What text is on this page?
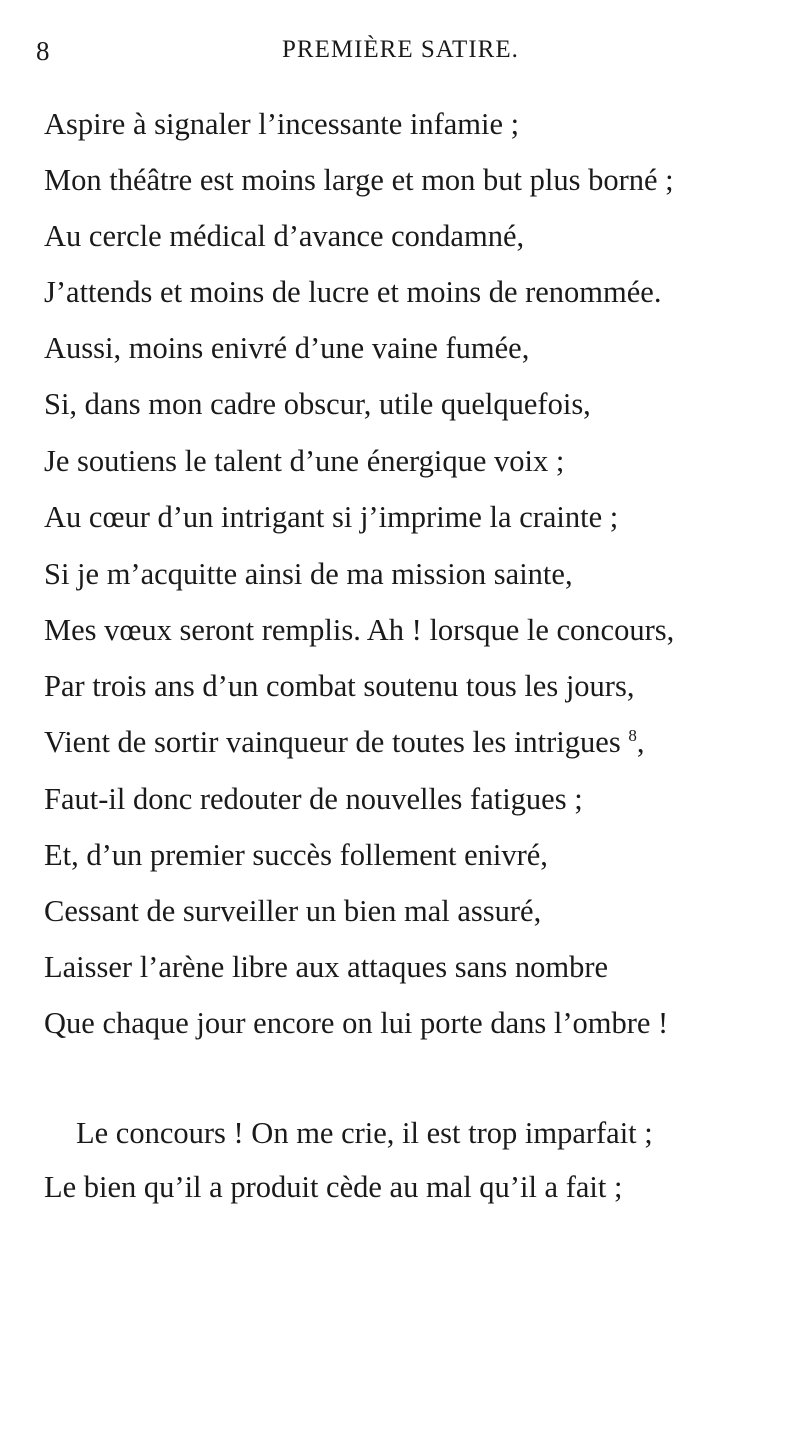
8	PREMIÈRE SATIRE.
Aspire à signaler l’incessante infamie ;
Mon théâtre est moins large et mon but plus borné ;
Au cercle médical d’avance condamné,
J’attends et moins de lucre et moins de renommée.
Aussi, moins enivré d’une vaine fumée,
Si, dans mon cadre obscur, utile quelquefois,
Je soutiens le talent d’une énergique voix ;
Au cœur d’un intrigant si j’imprime la crainte ;
Si je m’acquitte ainsi de ma mission sainte,
Mes vœux seront remplis. Ah ! lorsque le concours,
Par trois ans d’un combat soutenu tous les jours,
Vient de sortir vainqueur de toutes les intrigues $^8$,
Faut-il donc redouter de nouvelles fatigues ;
Et, d’un premier succès follement enivré,
Cessant de surveiller un bien mal assuré,
Laisser l’arène libre aux attaques sans nombre
Que chaque jour encore on lui porte dans l’ombre !
Le concours ! On me crie, il est trop imparfait ;
Le bien qu’il a produit cède au mal qu’il a fait ;
